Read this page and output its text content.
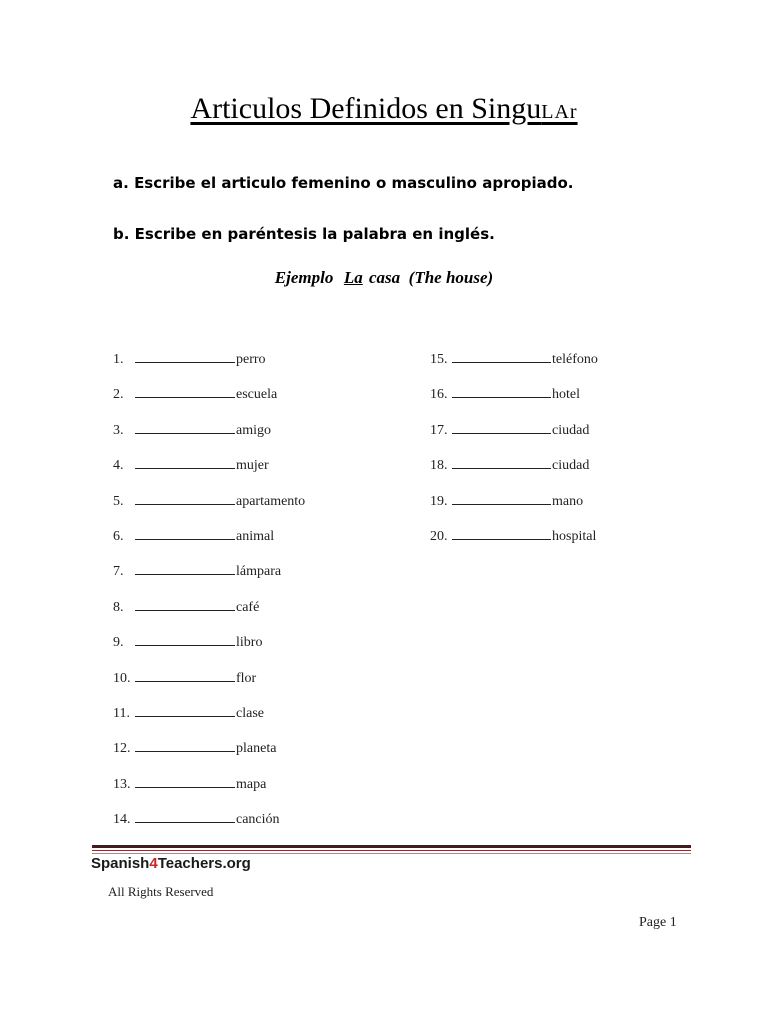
Articulos Definidos en SinguLAr
a. Escribe el articulo femenino o masculino apropiado.
b. Escribe en paréntesis la palabra en inglés.
Ejemplo La casa (The house)
1.	perro
2.	escuela
3.	amigo
4.	mujer
5.	apartamento
6.	animal
7.	lámpara
8.	café
9.	libro
10.	flor
11.	clase
12.	planeta
13.	mapa
14.	canción
15.	teléfono
16.	hotel
17.	ciudad
18.	ciudad
19.	mano
20.	hospital
Spanish4Teachers.org
All Rights Reserved
Page 1
